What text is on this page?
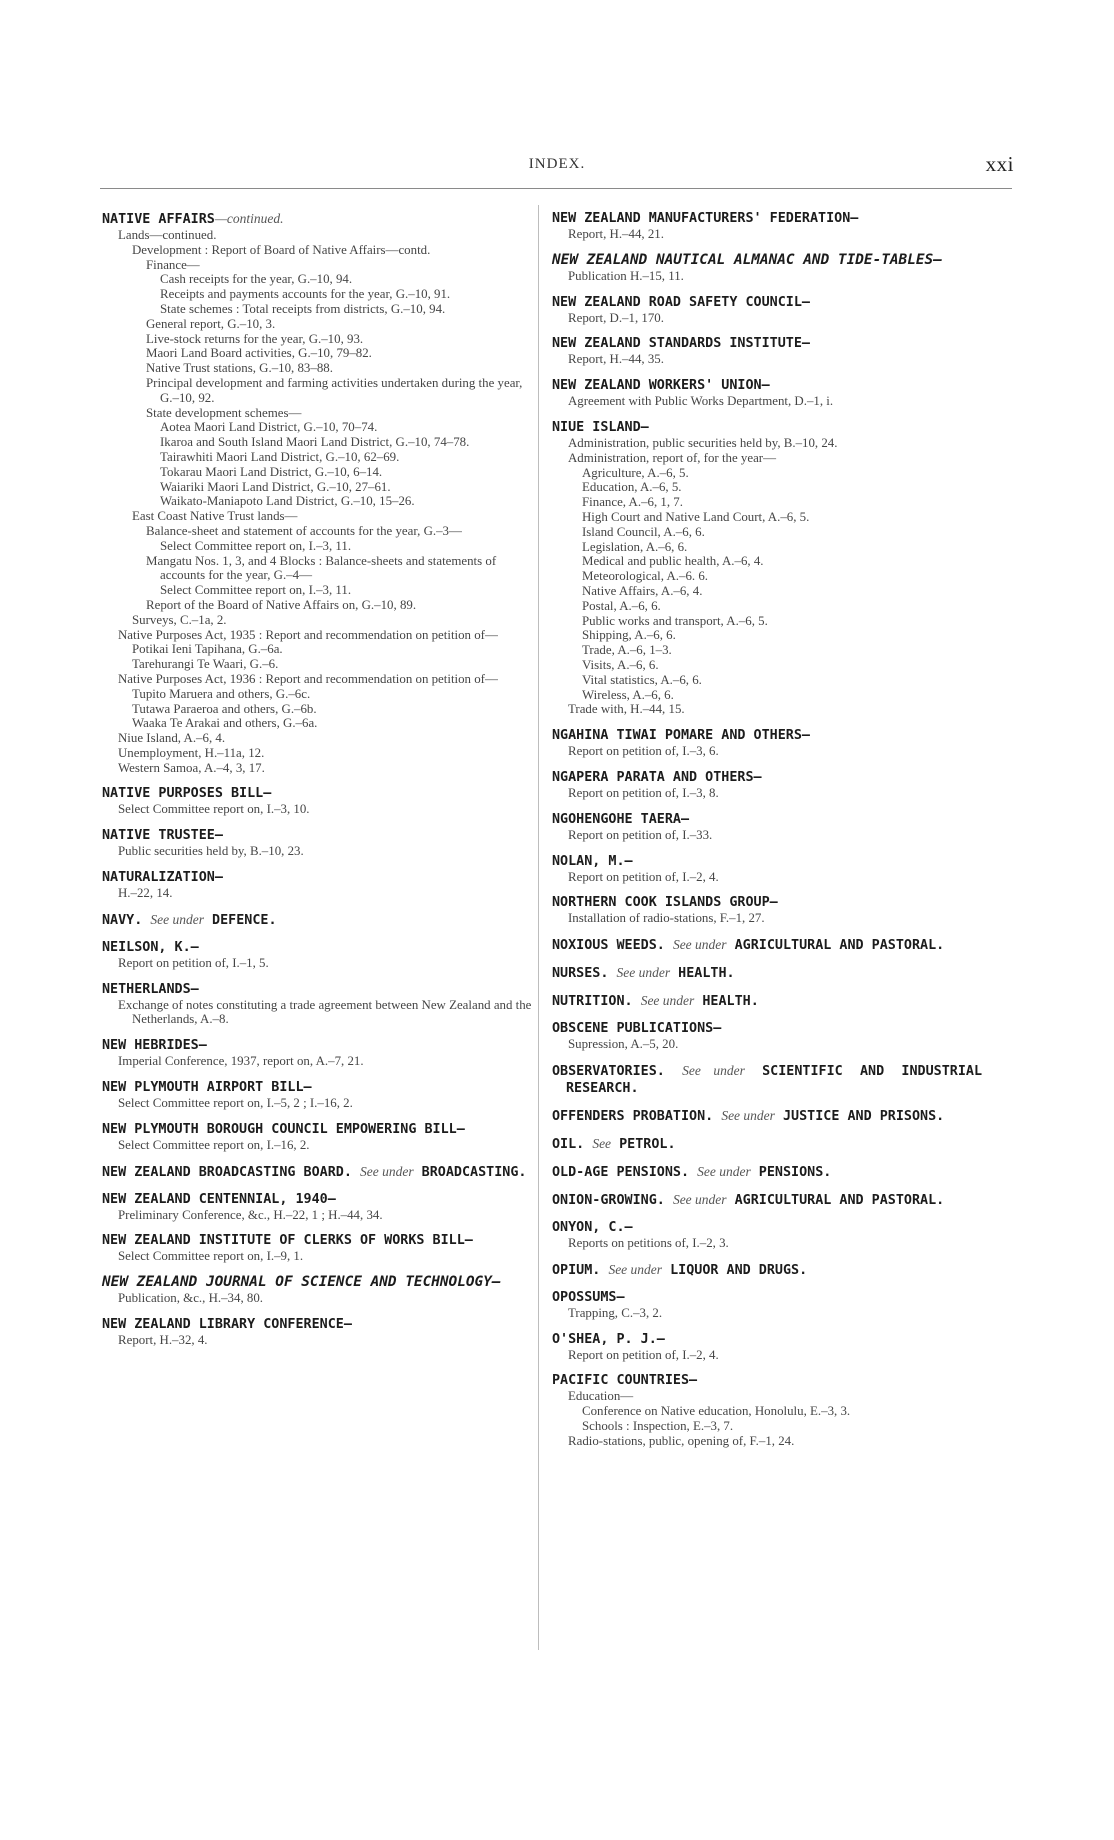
INDEX.	xxi
NATIVE AFFAIRS—continued.
Lands—continued.
Development : Report of Board of Native Affairs—contd.
Finance—
Cash receipts for the year, G.–10, 94.
Receipts and payments accounts for the year, G.–10, 91.
State schemes : Total receipts from districts, G.–10, 94.
General report, G.–10, 3.
Live-stock returns for the year, G.–10, 93.
Maori Land Board activities, G.–10, 79–82.
Native Trust stations, G.–10, 83–88.
Principal development and farming activities undertaken during the year, G.–10, 92.
State development schemes—
Aotea Maori Land District, G.–10, 70–74.
Ikaroa and South Island Maori Land District, G.–10, 74–78.
Tairawhiti Maori Land District, G.–10, 62–69.
Tokarau Maori Land District, G.–10, 6–14.
Waiariki Maori Land District, G.–10, 27–61.
Waikato-Maniapoto Land District, G.–10, 15–26.
East Coast Native Trust lands—
Balance-sheet and statement of accounts for the year, G.–3—
Select Committee report on, I.–3, 11.
Mangatu Nos. 1, 3, and 4 Blocks : Balance-sheets and statements of accounts for the year, G.–4—
Select Committee report on, I.–3, 11.
Report of the Board of Native Affairs on, G.–10, 89.
Surveys, C.–1a, 2.
Native Purposes Act, 1935 : Report and recommendation on petition of—
Potikai Ieni Tapihana, G.–6a.
Tarehurangi Te Waari, G.–6.
Native Purposes Act, 1936 : Report and recommendation on petition of—
Tupito Maruera and others, G.–6c.
Tutawa Paraeroa and others, G.–6b.
Waaka Te Arakai and others, G.–6a.
Niue Island, A.–6, 4.
Unemployment, H.–11a, 12.
Western Samoa, A.–4, 3, 17.
NATIVE PURPOSES BILL—
Select Committee report on, I.–3, 10.
NATIVE TRUSTEE—
Public securities held by, B.–10, 23.
NATURALIZATION—
H.–22, 14.
NAVY. See under DEFENCE.
NEILSON, K.—
Report on petition of, I.–1, 5.
NETHERLANDS—
Exchange of notes constituting a trade agreement between New Zealand and the Netherlands, A.–8.
NEW HEBRIDES—
Imperial Conference, 1937, report on, A.–7, 21.
NEW PLYMOUTH AIRPORT BILL—
Select Committee report on, I.–5, 2 ; I.–16, 2.
NEW PLYMOUTH BOROUGH COUNCIL EMPOWERING BILL—
Select Committee report on, I.–16, 2.
NEW ZEALAND BROADCASTING BOARD. See under BROADCASTING.
NEW ZEALAND CENTENNIAL, 1940—
Preliminary Conference, &c., H.–22, 1 ; H.–44, 34.
NEW ZEALAND INSTITUTE OF CLERKS OF WORKS BILL—
Select Committee report on, I.–9, 1.
NEW ZEALAND JOURNAL OF SCIENCE AND TECHNOLOGY—
Publication, &c., H.–34, 80.
NEW ZEALAND LIBRARY CONFERENCE—
Report, H.–32, 4.
NEW ZEALAND MANUFACTURERS' FEDERATION—
Report, H.–44, 21.
NEW ZEALAND NAUTICAL ALMANAC AND TIDE-TABLES—
Publication H.–15, 11.
NEW ZEALAND ROAD SAFETY COUNCIL—
Report, D.–1, 170.
NEW ZEALAND STANDARDS INSTITUTE—
Report, H.–44, 35.
NEW ZEALAND WORKERS' UNION—
Agreement with Public Works Department, D.–1, i.
NIUE ISLAND—
Administration, public securities held by, B.–10, 24.
Administration, report of, for the year—
Agriculture, A.–6, 5.
Education, A.–6, 5.
Finance, A.–6, 1, 7.
High Court and Native Land Court, A.–6, 5.
Island Council, A.–6, 6.
Legislation, A.–6, 6.
Medical and public health, A.–6, 4.
Meteorological, A.–6. 6.
Native Affairs, A.–6, 4.
Postal, A.–6, 6.
Public works and transport, A.–6, 5.
Shipping, A.–6, 6.
Trade, A.–6, 1–3.
Visits, A.–6, 6.
Vital statistics, A.–6, 6.
Wireless, A.–6, 6.
Trade with, H.–44, 15.
NGAHINA TIWAI POMARE AND OTHERS—
Report on petition of, I.–3, 6.
NGAPERA PARATA AND OTHERS—
Report on petition of, I.–3, 8.
NGOHENGOHE TAERA—
Report on petition of, I.–33.
NOLAN, M.—
Report on petition of, I.–2, 4.
NORTHERN COOK ISLANDS GROUP—
Installation of radio-stations, F.–1, 27.
NOXIOUS WEEDS. See under AGRICULTURAL AND PASTORAL.
NURSES. See under HEALTH.
NUTRITION. See under HEALTH.
OBSCENE PUBLICATIONS—
Supression, A.–5, 20.
OBSERVATORIES. See under SCIENTIFIC AND INDUSTRIAL RESEARCH.
OFFENDERS PROBATION. See under JUSTICE AND PRISONS.
OIL. See PETROL.
OLD-AGE PENSIONS. See under PENSIONS.
ONION-GROWING. See under AGRICULTURAL AND PASTORAL.
ONYON, C.—
Reports on petitions of, I.–2, 3.
OPIUM. See under LIQUOR AND DRUGS.
OPOSSUMS—
Trapping, C.–3, 2.
O'SHEA, P. J.—
Report on petition of, I.–2, 4.
PACIFIC COUNTRIES—
Education—
Conference on Native education, Honolulu, E.–3, 3.
Schools : Inspection, E.–3, 7.
Radio-stations, public, opening of, F.–1, 24.
